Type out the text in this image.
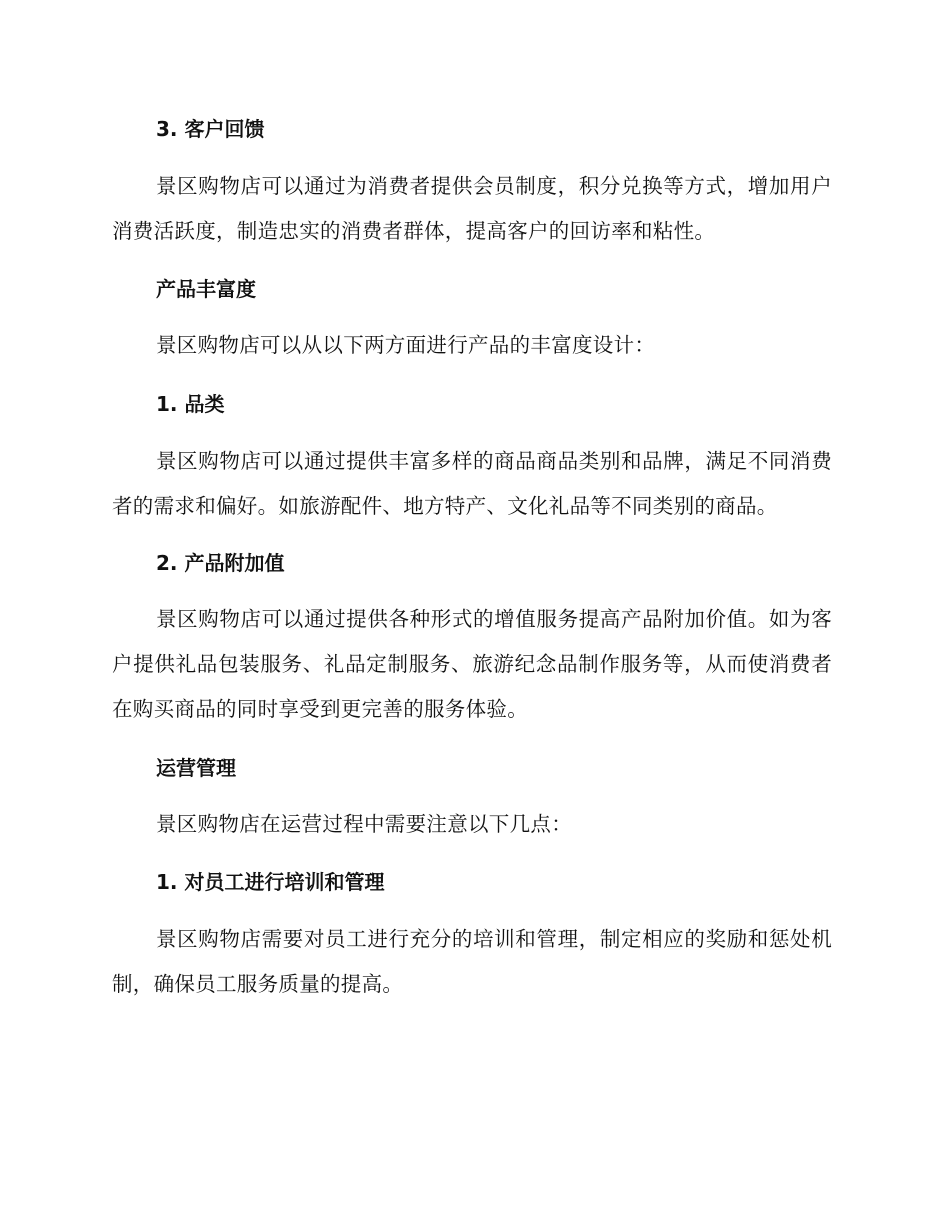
3. 客户回馈

景区购物店可以通过为消费者提供会员制度，积分兑换等方式，增加用户消费活跃度，制造忠实的消费者群体，提高客户的回访率和粘性。

产品丰富度

景区购物店可以从以下两方面进行产品的丰富度设计：

1. 品类

景区购物店可以通过提供丰富多样的商品商品类别和品牌，满足不同消费者的需求和偏好。如旅游配件、地方特产、文化礼品等不同类别的商品。

2. 产品附加值

景区购物店可以通过提供各种形式的增值服务提高产品附加价值。如为客户提供礼品包装服务、礼品定制服务、旅游纪念品制作服务等，从而使消费者在购买商品的同时享受到更完善的服务体验。

运营管理

景区购物店在运营过程中需要注意以下几点：

1. 对员工进行培训和管理

景区购物店需要对员工进行充分的培训和管理，制定相应的奖励和惩处机制，确保员工服务质量的提高。
